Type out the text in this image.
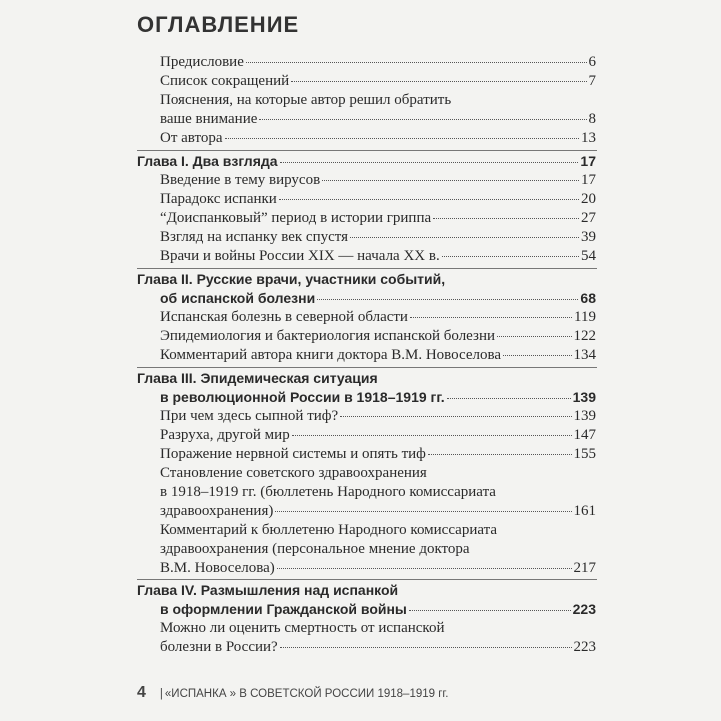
ОГЛАВЛЕНИЕ
Предисловие	6
Список сокращений	7
Пояснения, на которые автор решил обратить
ваше внимание	8
От автора	13
Глава I. Два взгляда	17
Введение в тему вирусов	17
Парадокс испанки	20
“Доиспанковый” период в истории гриппа	27
Взгляд на испанку век спустя	39
Врачи и войны России XIX — начала XX в.	54
Глава II. Русские врачи, участники событий,
об испанской болезни	68
Испанская болезнь в северной области	119
Эпидемиология и бактериология испанской болезни	122
Комментарий автора книги доктора В.М. Новоселова	134
Глава III. Эпидемическая ситуация
в революционной России в 1918–1919 гг.	139
При чем здесь сыпной тиф?	139
Разруха, другой мир	147
Поражение нервной системы и опять тиф	155
Становление советского здравоохранения
в 1918–1919 гг. (бюллетень Народного комиссариата
здравоохранения)	161
Комментарий к бюллетеню Народного комиссариата
здравоохранения (персональное мнение доктора
В.М. Новоселова)	217
Глава IV. Размышления над испанкой
в оформлении Гражданской войны	223
Можно ли оценить смертность от испанской
болезни в России?	223
4 | «ИСПАНКА » В СОВЕТСКОЙ РОССИИ 1918–1919 гг.
